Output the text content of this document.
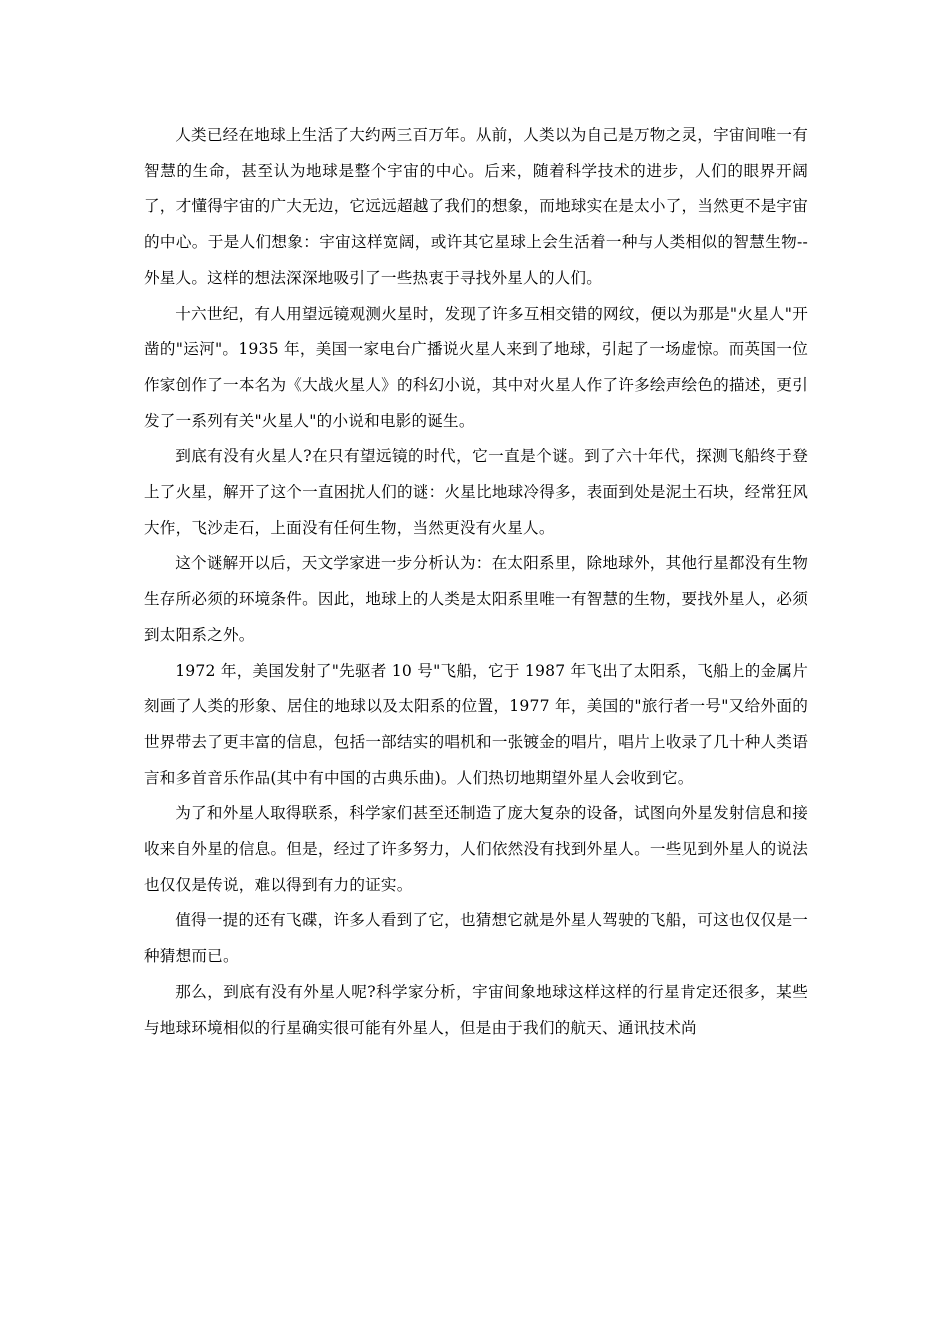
人类已经在地球上生活了大约两三百万年。从前，人类以为自己是万物之灵，宇宙间唯一有智慧的生命，甚至认为地球是整个宇宙的中心。后来，随着科学技术的进步，人们的眼界开阔了，才懂得宇宙的广大无边，它远远超越了我们的想象，而地球实在是太小了，当然更不是宇宙的中心。于是人们想象：宇宙这样宽阔，或许其它星球上会生活着一种与人类相似的智慧生物--外星人。这样的想法深深地吸引了一些热衷于寻找外星人的人们。

十六世纪，有人用望远镜观测火星时，发现了许多互相交错的网纹，便以为那是"火星人"开凿的"运河"。1935 年，美国一家电台广播说火星人来到了地球，引起了一场虚惊。而英国一位作家创作了一本名为《大战火星人》的科幻小说，其中对火星人作了许多绘声绘色的描述，更引发了一系列有关"火星人"的小说和电影的诞生。

到底有没有火星人?在只有望远镜的时代，它一直是个谜。到了六十年代，探测飞船终于登上了火星，解开了这个一直困扰人们的谜：火星比地球冷得多，表面到处是泥土石块，经常狂风大作，飞沙走石，上面没有任何生物，当然更没有火星人。

这个谜解开以后，天文学家进一步分析认为：在太阳系里，除地球外，其他行星都没有生物生存所必须的环境条件。因此，地球上的人类是太阳系里唯一有智慧的生物，要找外星人，必须到太阳系之外。

1972 年，美国发射了"先驱者 10 号"飞船，它于 1987 年飞出了太阳系，飞船上的金属片刻画了人类的形象、居住的地球以及太阳系的位置，1977 年，美国的"旅行者一号"又给外面的世界带去了更丰富的信息，包括一部结实的唱机和一张镀金的唱片，唱片上收录了几十种人类语言和多首音乐作品(其中有中国的古典乐曲)。人们热切地期望外星人会收到它。

为了和外星人取得联系，科学家们甚至还制造了庞大复杂的设备，试图向外星发射信息和接收来自外星的信息。但是，经过了许多努力，人们依然没有找到外星人。一些见到外星人的说法也仅仅是传说，难以得到有力的证实。

值得一提的还有飞碟，许多人看到了它，也猜想它就是外星人驾驶的飞船，可这也仅仅是一种猜想而已。

那么，到底有没有外星人呢?科学家分析，宇宙间象地球这样这样的行星肯定还很多，某些与地球环境相似的行星确实很可能有外星人，但是由于我们的航天、通讯技术尚
